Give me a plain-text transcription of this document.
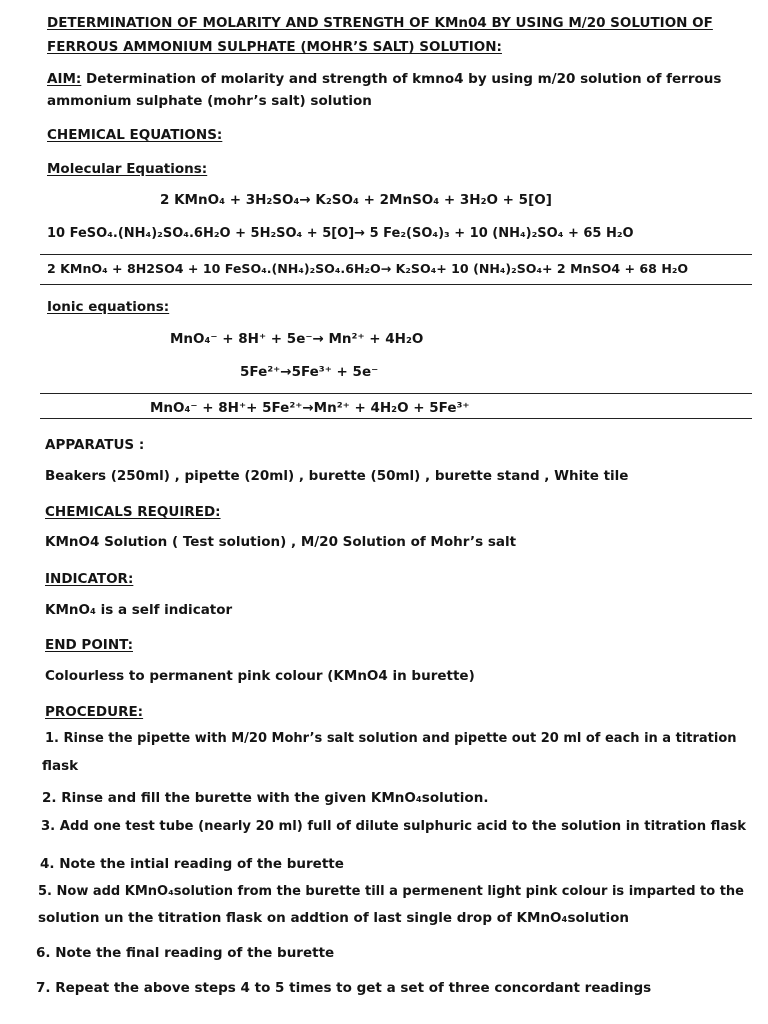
DETERMINATION OF MOLARITY AND STRENGTH OF KMn04 BY USING M/20 SOLUTION OF
FERROUS AMMONIUM SULPHATE (MOHR’S SALT) SOLUTION:
AIM: Determination of molarity and strength of kmno4 by using m/20 solution of ferrous
ammonium sulphate (mohr’s salt) solution
CHEMICAL EQUATIONS:
Molecular Equations:
2 KMnO₄ + 3H₂SO₄→ K₂SO₄ + 2MnSO₄ + 3H₂O + 5[O]
10 FeSO₄.(NH₄)₂SO₄.6H₂O + 5H₂SO₄ + 5[O]→ 5 Fe₂(SO₄)₃ + 10 (NH₄)₂SO₄ + 65 H₂O
2 KMnO₄ + 8H2SO4 + 10 FeSO₄.(NH₄)₂SO₄.6H₂O→ K₂SO₄+ 10 (NH₄)₂SO₄+ 2 MnSO4 + 68 H₂O
Ionic equations:
MnO₄⁻ + 8H⁺ + 5e⁻→ Mn²⁺ + 4H₂O
5Fe²⁺→5Fe³⁺ + 5e⁻
MnO₄⁻ + 8H⁺+ 5Fe²⁺→Mn²⁺ + 4H₂O + 5Fe³⁺
APPARATUS :
Beakers (250ml) , pipette (20ml) , burette (50ml) , burette stand , White tile
CHEMICALS REQUIRED:
KMnO4 Solution ( Test solution) , M/20 Solution of Mohr’s salt
INDICATOR:
KMnO₄ is a self indicator
END POINT:
Colourless to permanent pink colour (KMnO4 in burette)
PROCEDURE:
1. Rinse the pipette with M/20 Mohr’s salt solution and pipette out 20 ml of each in a titration
flask
2. Rinse and fill the burette with the given KMnO₄solution.
3. Add one test tube (nearly 20 ml) full of dilute sulphuric acid to the solution in titration flask
4. Note the intial reading of the burette
5. Now add KMnO₄solution from the burette till a permenent light pink colour is imparted to the
solution un the titration flask on addtion of last single drop of KMnO₄solution
6. Note the final reading of the burette
7. Repeat the above steps 4 to 5 times to get a set of three concordant readings
